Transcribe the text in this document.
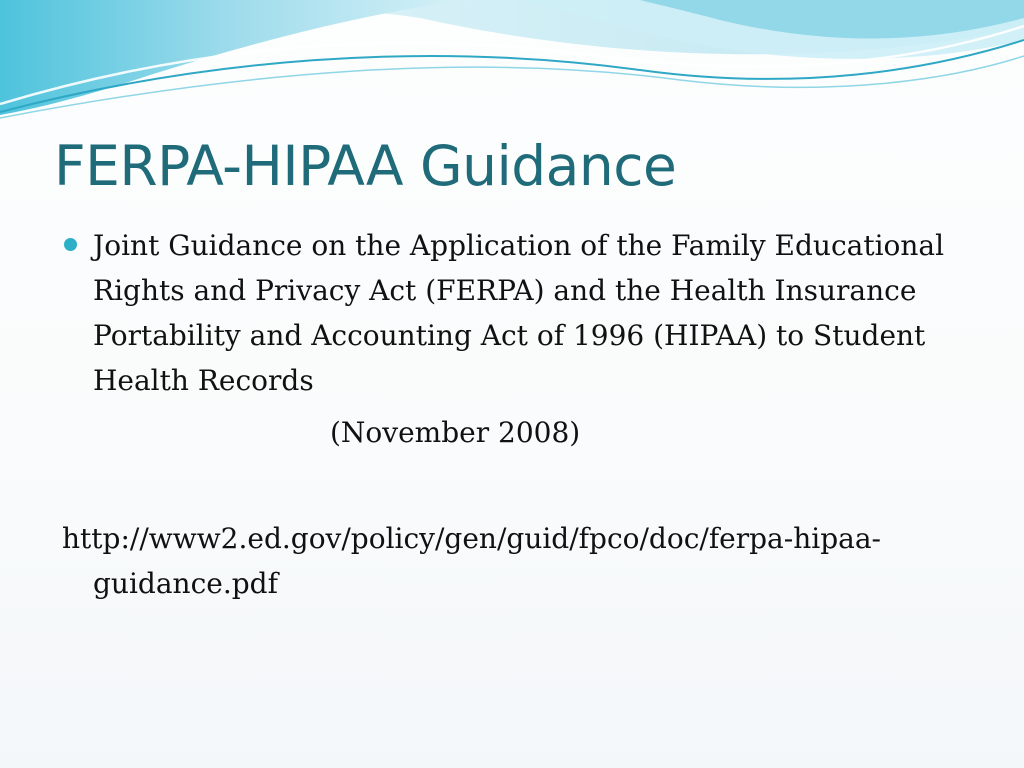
FERPA-HIPAA Guidance

Joint Guidance on the Application of the Family Educational Rights and Privacy Act (FERPA) and the Health Insurance Portability and Accounting Act of 1996 (HIPAA) to Student Health Records

(November 2008)

http://www2.ed.gov/policy/gen/guid/fpco/doc/ferpa-hipaa-guidance.pdf
